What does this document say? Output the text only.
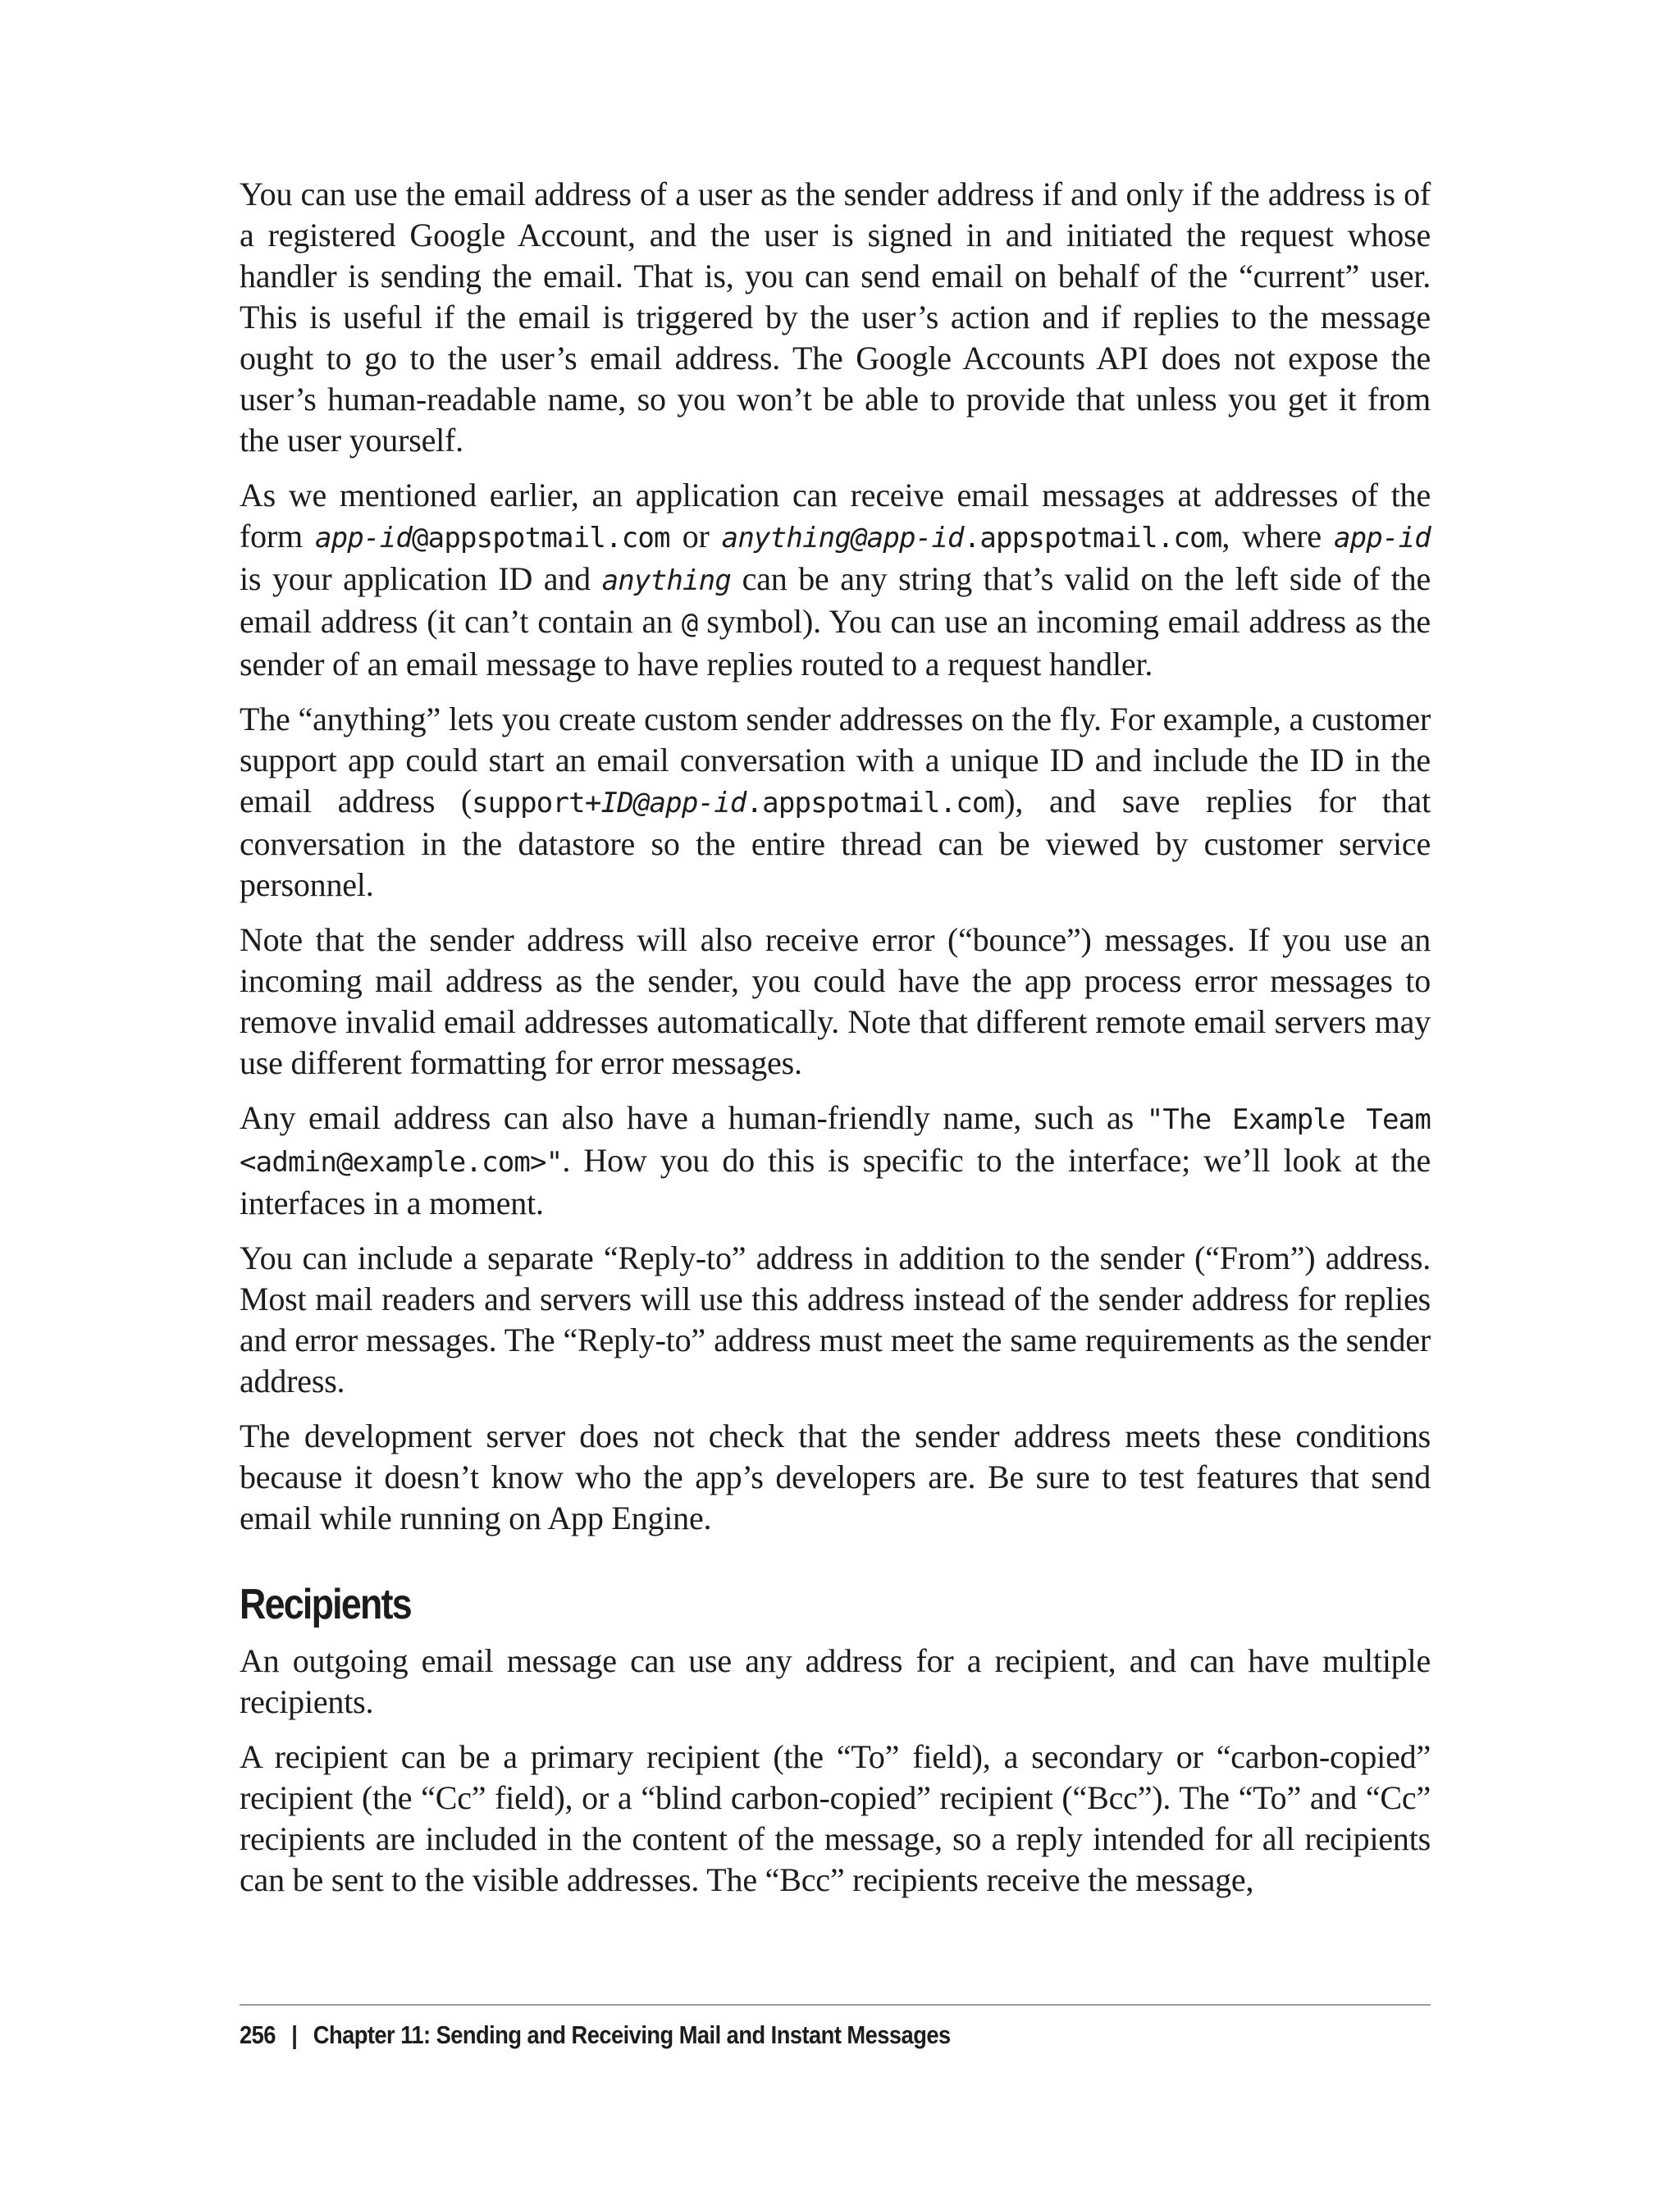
You can use the email address of a user as the sender address if and only if the address is of a registered Google Account, and the user is signed in and initiated the request whose handler is sending the email. That is, you can send email on behalf of the “current” user. This is useful if the email is triggered by the user’s action and if replies to the message ought to go to the user’s email address. The Google Accounts API does not expose the user’s human-readable name, so you won’t be able to provide that unless you get it from the user yourself.

As we mentioned earlier, an application can receive email messages at addresses of the form app-id@appspotmail.com or anything@app-id.appspotmail.com, where app-id is your application ID and anything can be any string that’s valid on the left side of the email address (it can’t contain an @ symbol). You can use an incoming email address as the sender of an email message to have replies routed to a request handler.

The “anything” lets you create custom sender addresses on the fly. For example, a customer support app could start an email conversation with a unique ID and include the ID in the email address (support+ID@app-id.appspotmail.com), and save replies for that conversation in the datastore so the entire thread can be viewed by customer service personnel.

Note that the sender address will also receive error (“bounce”) messages. If you use an incoming mail address as the sender, you could have the app process error messages to remove invalid email addresses automatically. Note that different remote email servers may use different formatting for error messages.

Any email address can also have a human-friendly name, such as "The Example Team <admin@example.com>". How you do this is specific to the interface; we’ll look at the interfaces in a moment.

You can include a separate “Reply-to” address in addition to the sender (“From”) address. Most mail readers and servers will use this address instead of the sender address for replies and error messages. The “Reply-to” address must meet the same requirements as the sender address.

The development server does not check that the sender address meets these conditions because it doesn’t know who the app’s developers are. Be sure to test features that send email while running on App Engine.

Recipients

An outgoing email message can use any address for a recipient, and can have multiple recipients.

A recipient can be a primary recipient (the “To” field), a secondary or “carbon-copied” recipient (the “Cc” field), or a “blind carbon-copied” recipient (“Bcc”). The “To” and “Cc” recipients are included in the content of the message, so a reply intended for all recipients can be sent to the visible addresses. The “Bcc” recipients receive the message,

256 | Chapter 11: Sending and Receiving Mail and Instant Messages
